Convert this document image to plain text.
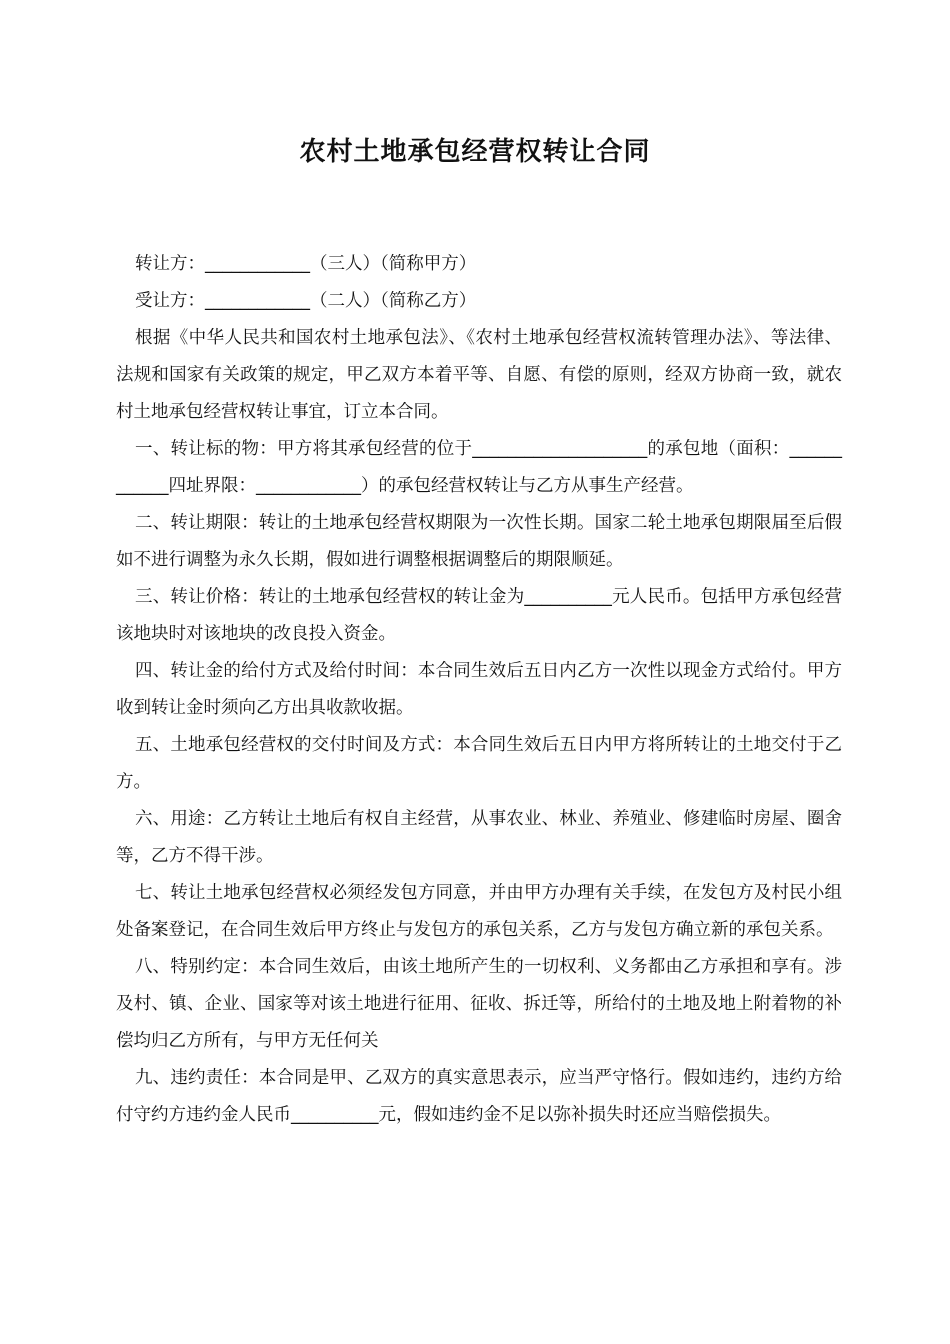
农村土地承包经营权转让合同

转让方：____________（三人）（简称甲方）

受让方：____________（二人）（简称乙方）

根据《中华人民共和国农村土地承包法》、《农村土地承包经营权流转管理办法》、等法律、法规和国家有关政策的规定，甲乙双方本着平等、自愿、有偿的原则，经双方协商一致，就农村土地承包经营权转让事宜，订立本合同。

一、转让标的物：甲方将其承包经营的位于____________________的承包地（面积：____________四址界限：____________）的承包经营权转让与乙方从事生产经营。

二、转让期限：转让的土地承包经营权期限为一次性长期。国家二轮土地承包期限届至后假如不进行调整为永久长期，假如进行调整根据调整后的期限顺延。

三、转让价格：转让的土地承包经营权的转让金为__________元人民币。包括甲方承包经营该地块时对该地块的改良投入资金。

四、转让金的给付方式及给付时间：本合同生效后五日内乙方一次性以现金方式给付。甲方收到转让金时须向乙方出具收款收据。

五、土地承包经营权的交付时间及方式：本合同生效后五日内甲方将所转让的土地交付于乙方。

六、用途：乙方转让土地后有权自主经营，从事农业、林业、养殖业、修建临时房屋、圈舍等，乙方不得干涉。

七、转让土地承包经营权必须经发包方同意，并由甲方办理有关手续，在发包方及村民小组处备案登记，在合同生效后甲方终止与发包方的承包关系，乙方与发包方确立新的承包关系。

八、特别约定：本合同生效后，由该土地所产生的一切权利、义务都由乙方承担和享有。涉及村、镇、企业、国家等对该土地进行征用、征收、拆迁等，所给付的土地及地上附着物的补偿均归乙方所有，与甲方无任何关

九、违约责任：本合同是甲、乙双方的真实意思表示，应当严守恪行。假如违约，违约方给付守约方违约金人民币__________元，假如违约金不足以弥补损失时还应当赔偿损失。
